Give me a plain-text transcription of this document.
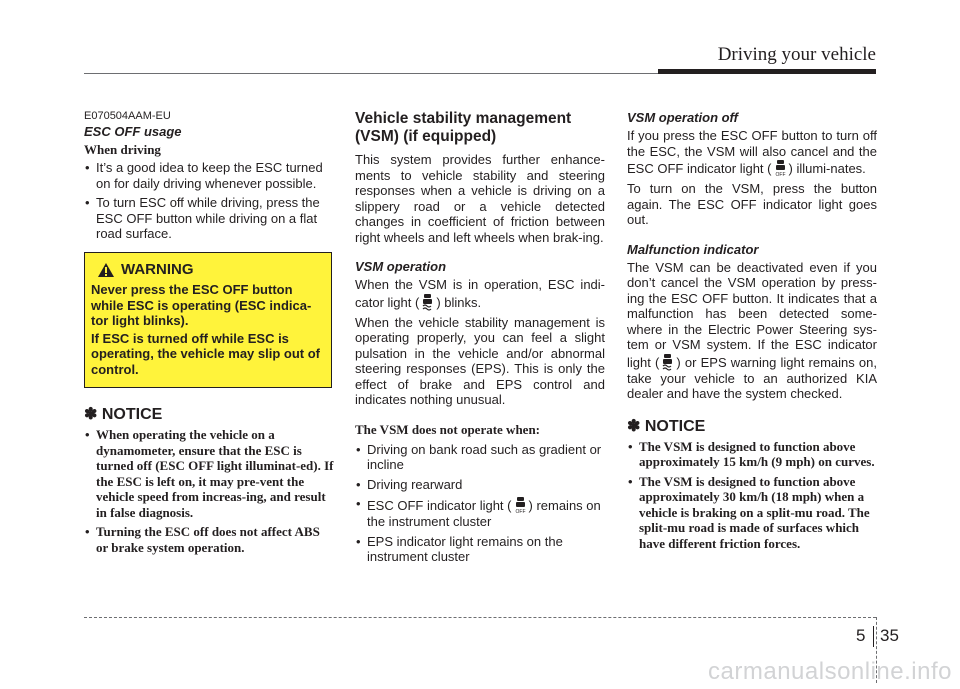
Driving your vehicle
E070504AAM-EU
ESC OFF usage
When driving
• It’s a good idea to keep the ESC turned on for daily driving whenever possible.
• To turn ESC off while driving, press the ESC OFF button while driving on a flat road surface.
WARNING
Never press the ESC OFF button while ESC is operating (ESC indica-tor light blinks).
If ESC is turned off while ESC is operating, the vehicle may slip out of control.
✽ NOTICE
• When operating the vehicle on a dynamometer, ensure that the ESC is turned off (ESC OFF light illuminat-ed). If the ESC is left on, it may pre-vent the vehicle speed from increas-ing, and result in false diagnosis.
• Turning the ESC off does not affect ABS or brake system operation.
Vehicle stability management (VSM) (if equipped)

This system provides further enhance-ments to vehicle stability and steering responses when a vehicle is driving on a slippery road or a vehicle detected changes in coefficient of friction between right wheels and left wheels when brak-ing.

VSM operation

When the VSM is in operation, ESC indi-cator light ( ) blinks.

When the vehicle stability management is operating properly, you can feel a slight pulsation in the vehicle and/or abnormal steering responses (EPS). This is only the effect of brake and EPS control and indicates nothing unusual.

The VSM does not operate when:
• Driving on bank road such as gradient or incline
• Driving rearward
• ESC OFF indicator light ( OFF ) remains on the instrument cluster
• EPS indicator light remains on the instrument cluster
VSM operation off

If you press the ESC OFF button to turn off the ESC, the VSM will also cancel and the ESC OFF indicator light ( OFF ) illumi-nates.

To turn on the VSM, press the button again. The ESC OFF indicator light goes out.

Malfunction indicator

The VSM can be deactivated even if you don’t cancel the VSM operation by press-ing the ESC OFF button. It indicates that a malfunction has been detected some-where in the Electric Power Steering sys-tem or VSM system. If the ESC indicator light ( ) or EPS warning light remains on, take your vehicle to an authorized KIA dealer and have the system checked.

✽ NOTICE
• The VSM is designed to function above approximately 15 km/h (9 mph) on curves.
• The VSM is designed to function above approximately 30 km/h (18 mph) when a vehicle is braking on a split-mu road. The split-mu road is made of surfaces which have different friction forces.
5 35
carmanualsonline.info
